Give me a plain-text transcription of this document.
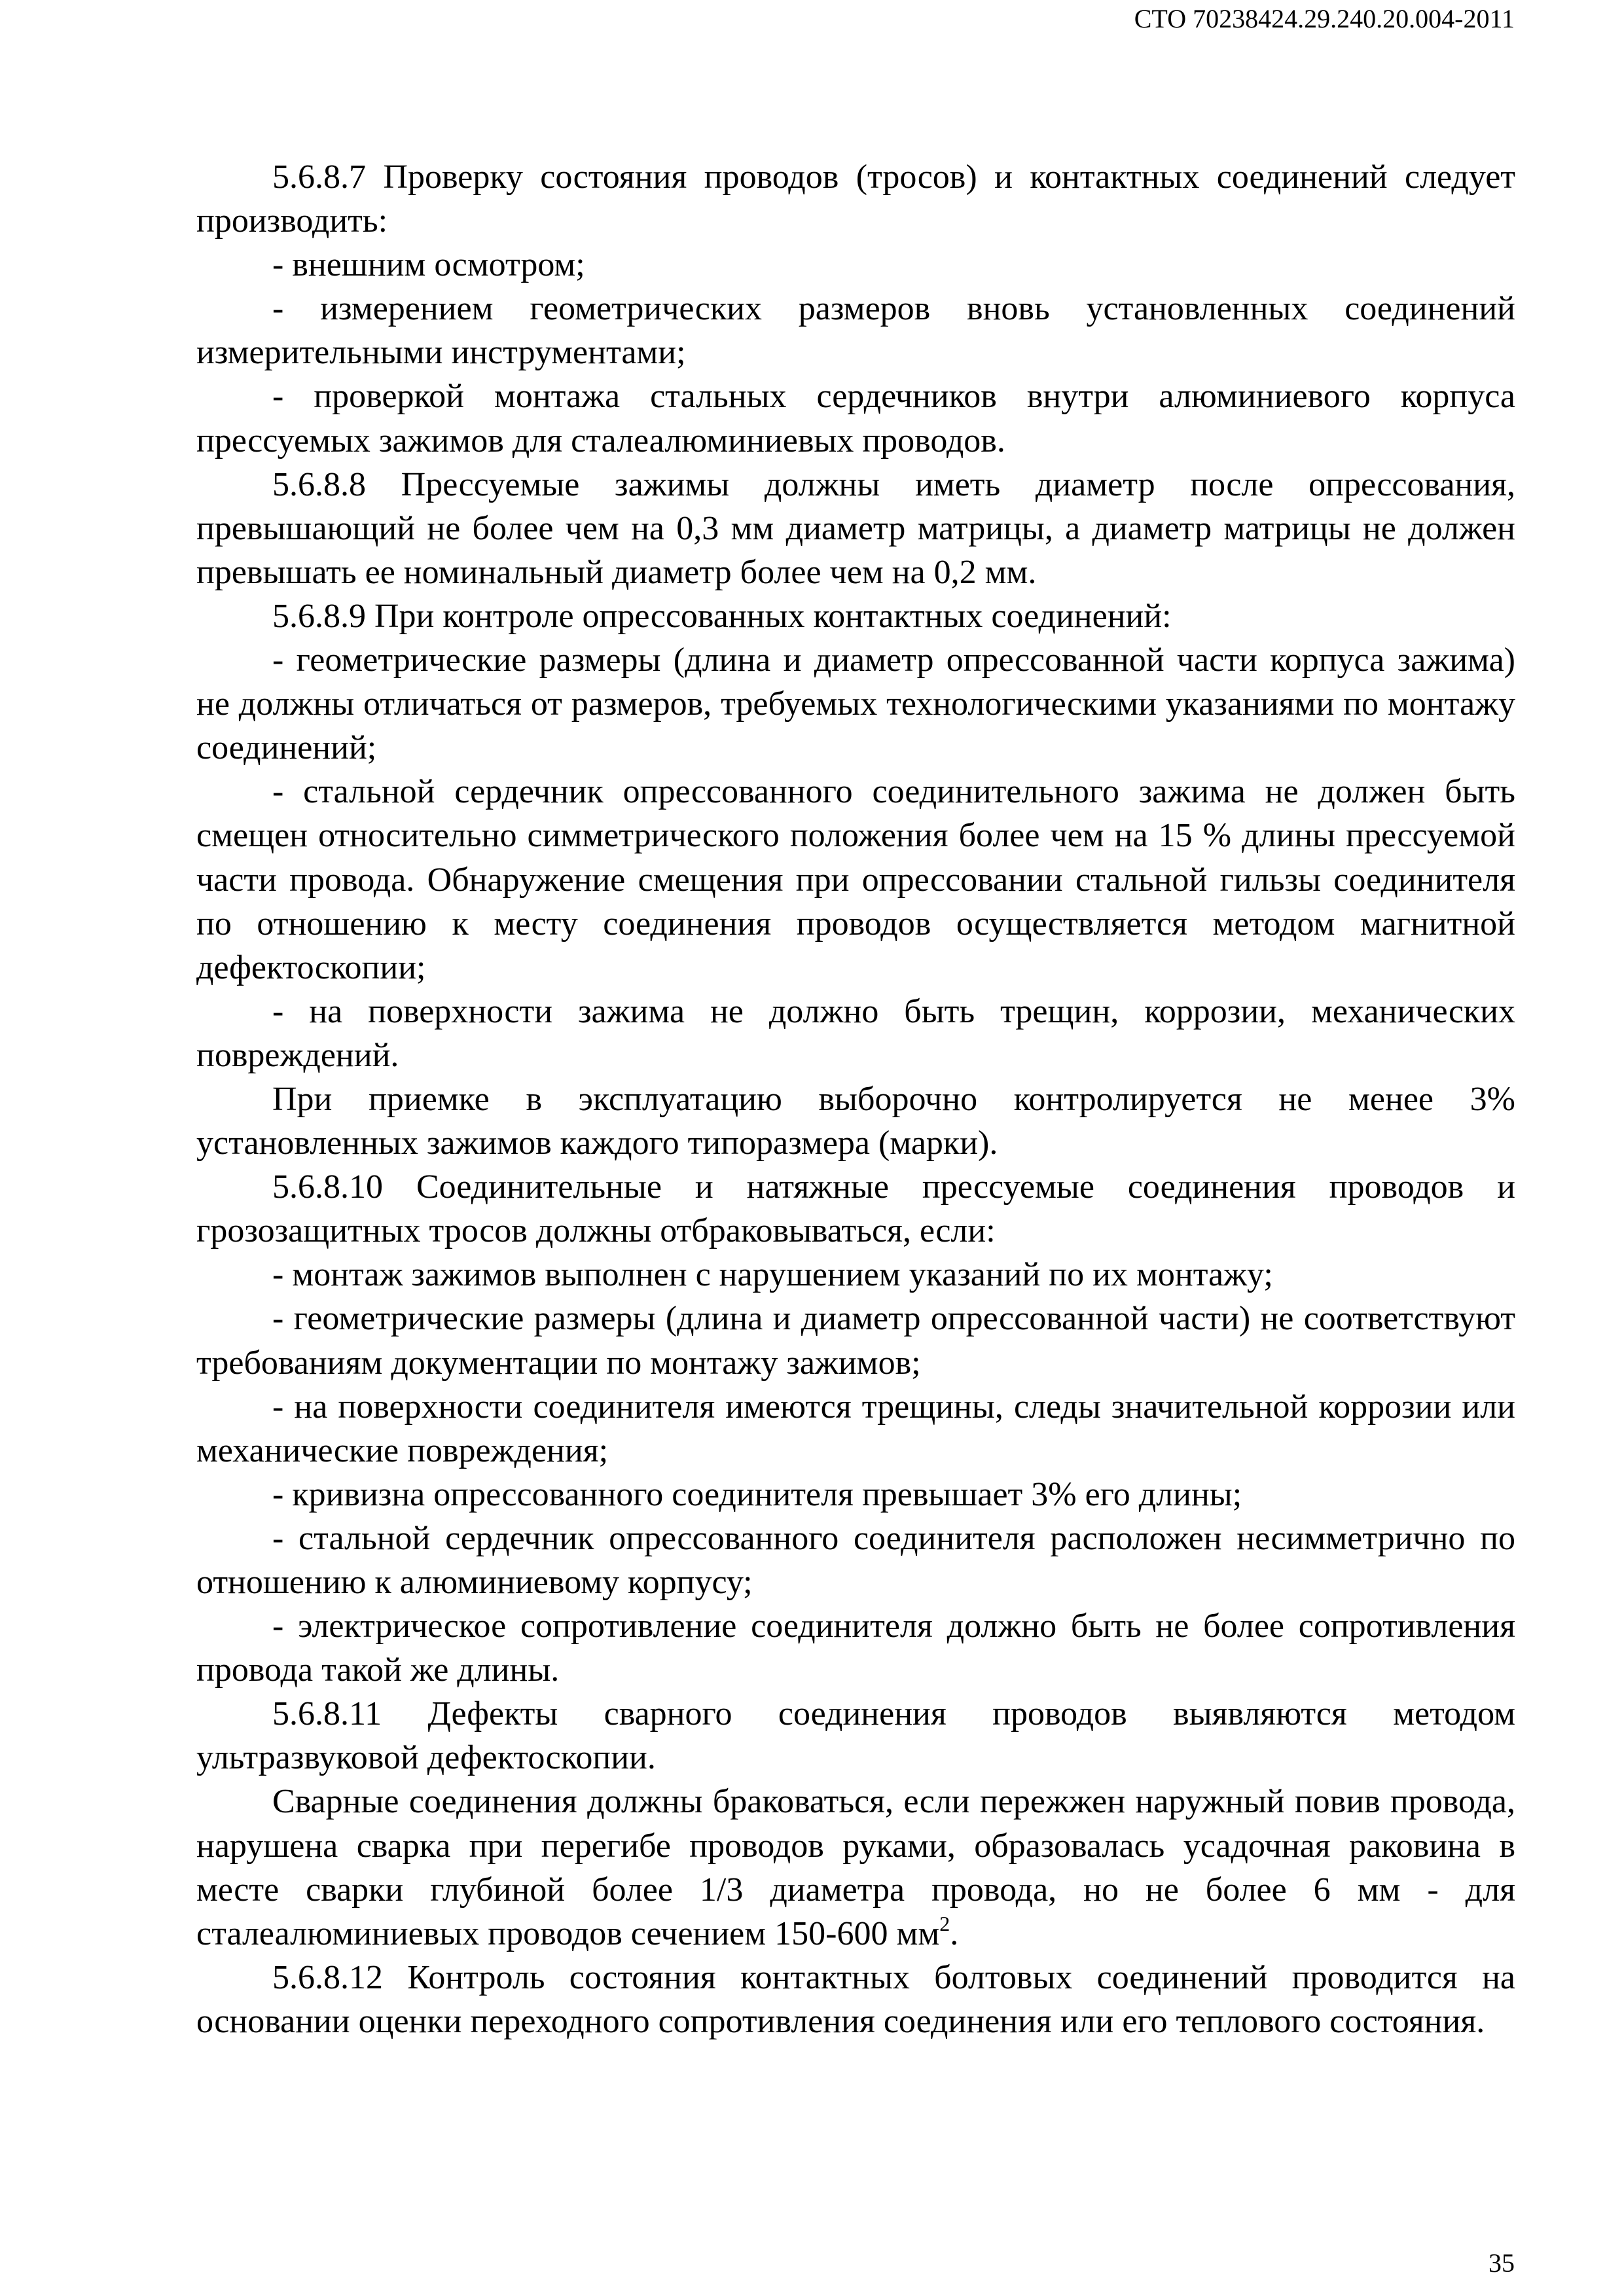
СТО 70238424.29.240.20.004-2011

5.6.8.7 Проверку состояния проводов (тросов) и контактных соединений следует производить:

- внешним осмотром;

- измерением геометрических размеров вновь установленных соединений измерительными инструментами;

- проверкой монтажа стальных сердечников внутри алюминиевого корпуса прессуемых зажимов для сталеалюминиевых проводов.

5.6.8.8 Прессуемые зажимы должны иметь диаметр после опрессования, превышающий не более чем на 0,3 мм диаметр матрицы, а диаметр матрицы не должен превышать ее номинальный диаметр более чем на 0,2 мм.

5.6.8.9 При контроле опрессованных контактных соединений:

- геометрические размеры (длина и диаметр опрессованной части корпуса зажима) не должны отличаться от размеров, требуемых технологическими указаниями по монтажу соединений;

- стальной сердечник опрессованного соединительного зажима не должен быть смещен относительно симметрического положения более чем на 15 % длины прессуемой части провода. Обнаружение смещения при опрессовании стальной гильзы соединителя по отношению к месту соединения проводов осуществляется методом магнитной дефектоскопии;

- на поверхности зажима не должно быть трещин, коррозии, механических повреждений.

При приемке в эксплуатацию выборочно контролируется не менее 3% установленных зажимов каждого типоразмера (марки).

5.6.8.10 Соединительные и натяжные прессуемые соединения проводов и грозозащитных тросов должны отбраковываться, если:

- монтаж зажимов выполнен с нарушением указаний по их монтажу;

- геометрические размеры (длина и диаметр опрессованной части) не соответствуют требованиям документации по монтажу зажимов;

- на поверхности соединителя имеются трещины, следы значительной коррозии или механические повреждения;

- кривизна опрессованного соединителя превышает 3% его длины;

- стальной сердечник опрессованного соединителя расположен несимметрично по отношению к алюминиевому корпусу;

- электрическое сопротивление соединителя должно быть не более сопротивления провода такой же длины.

5.6.8.11 Дефекты сварного соединения проводов выявляются методом ультразвуковой дефектоскопии.

Сварные соединения должны браковаться, если пережжен наружный повив провода, нарушена сварка при перегибе проводов руками, образовалась усадочная раковина в месте сварки глубиной более 1/3 диаметра провода, но не более 6 мм - для сталеалюминиевых проводов сечением 150-600 $мм^2$.

5.6.8.12 Контроль состояния контактных болтовых соединений проводится на основании оценки переходного сопротивления соединения или его теплового состояния.

35
